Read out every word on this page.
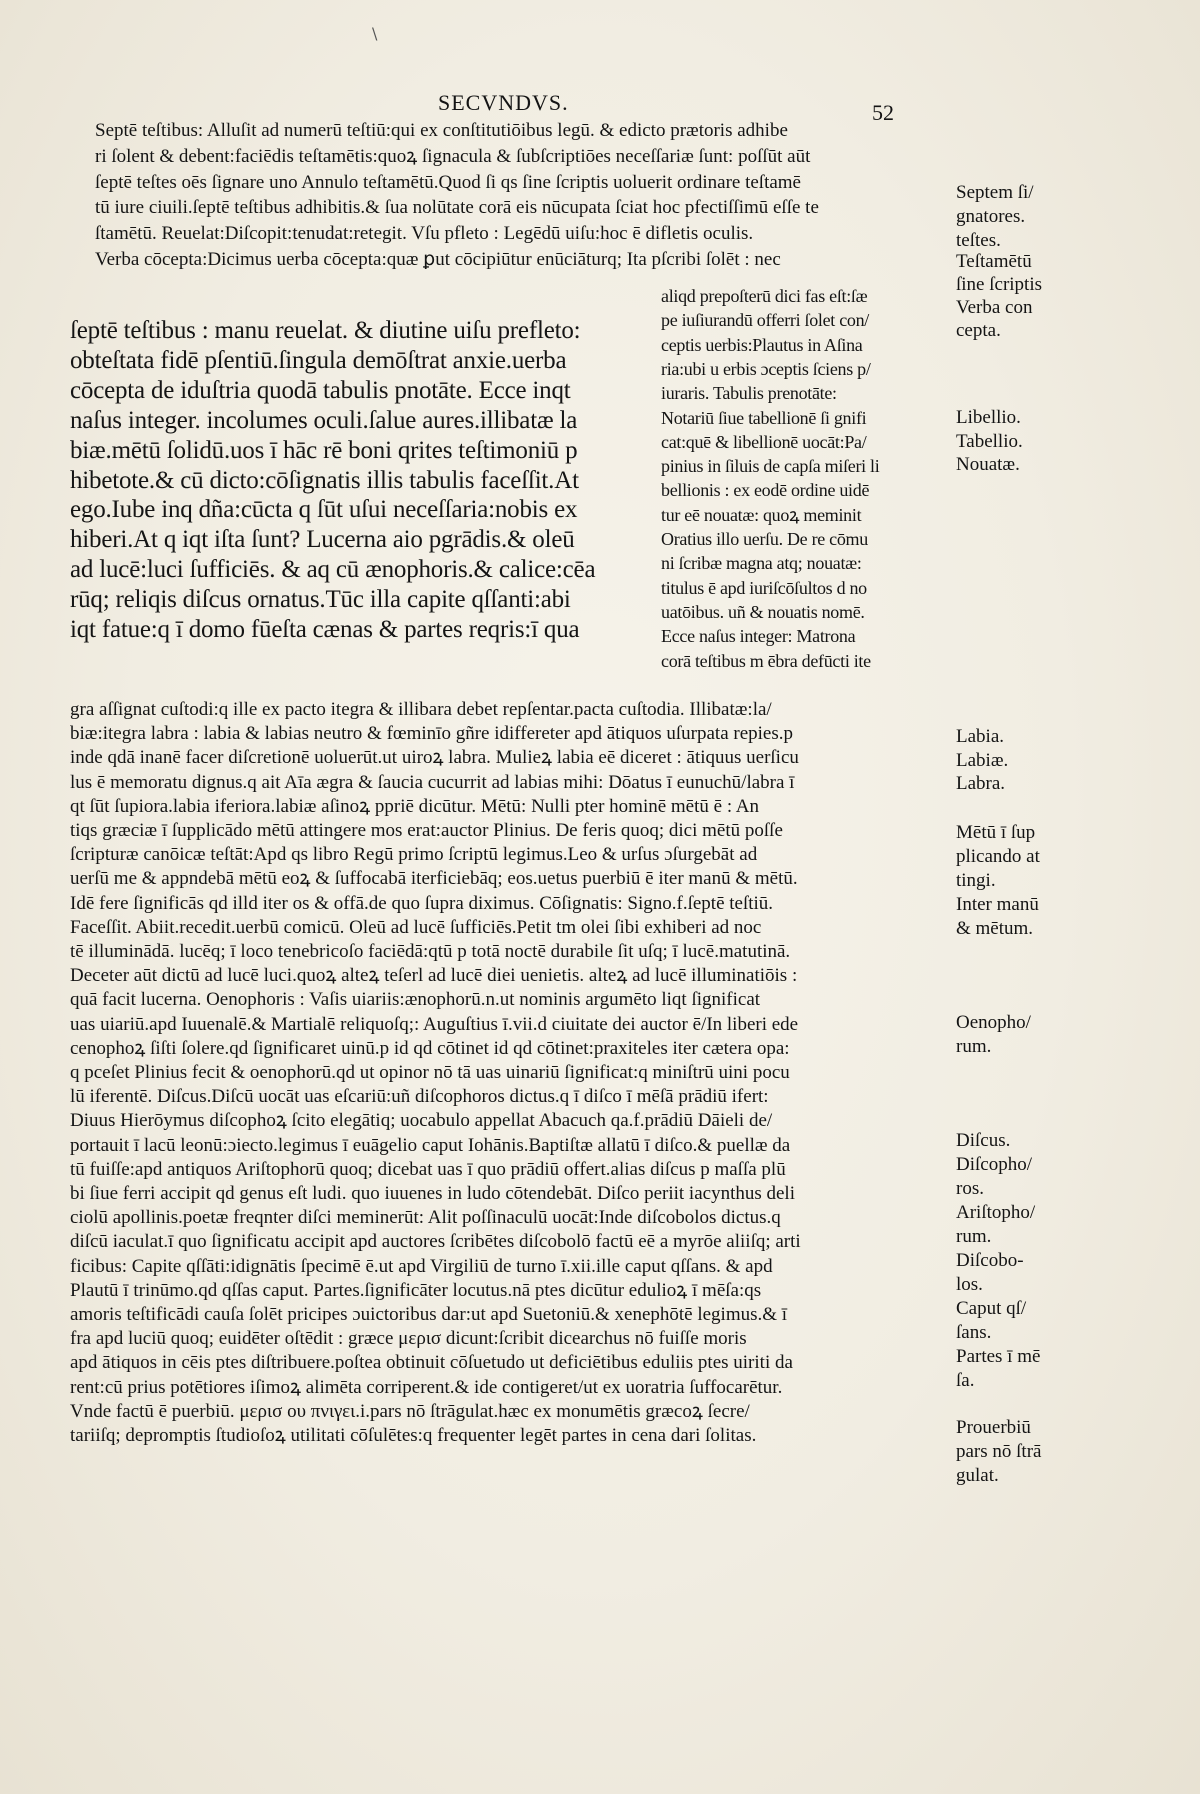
\
SECVNDVS.	52
Septē teſtibus: Alluſit ad numerū teſtiū:qui ex conſtitutiōibus legū. & edicto prætoris adhibe
ri ſolent & debent:faciēdis teſtamētis:quoꝝ ſignacula & ſubſcriptiōes neceſſariæ ſunt: poſſūt aūt
ſeptē teſtes oēs ſignare uno Annulo teſtamētū.Quod ſi qs ſine ſcriptis uoluerit ordinare teſtamē
tū iure ciuili.ſeptē teſtibus adhibitis.& ſua nolūtate corā eis nūcupata ſciat hoc pfectiſſimū eſſe te
ſtamētū. Reuelat:Diſcopit:tenudat:retegit. Vſu pfleto : Legēdū uiſu:hoc ē difletis oculis.
Verba cōcepta:Dicimus uerba cōcepta:quæ ꝑut cōcipiūtur enūciāturq; Ita pſcribi ſolēt : nec
ſeptē teſtibus : manu reuelat. & diutine uiſu prefleto:
obteſtata fidē pſentiū.ſingula demōſtrat anxie.uerba
cōcepta de iduſtria quodā tabulis pnotāte. Ecce inqt
naſus integer. incolumes oculi.ſalue aures.illibatæ la
biæ.mētū ſolidū.uos ī hāc rē boni qrites teſtimoniū p
hibetote.& cū dicto:cōſignatis illis tabulis faceſſit.At
ego.Iube inq dña:cūcta q ſūt uſui neceſſaria:nobis ex
hiberi.At q iqt iſta ſunt? Lucerna aio pgrādis.& oleū
ad lucē:luci ſufficiēs. & aq cū ænophoris.& calice:cēa
rūq; reliqis diſcus ornatus.Tūc illa capite qſſanti:abi
iqt fatue:q ī domo fūeſta cænas & partes reqris:ī qua
aliqd prepoſterū dici fas eſt:ſæ
pe iuſiurandū offerri ſolet con/
ceptis uerbis:Plautus in Aſina
ria:ubi u erbis ɔceptis ſciens p/
iuraris. Tabulis prenotāte:
Notariū ſiue tabellionē ſi gnifi
cat:quē & libellionē uocāt:Pa/
pinius in ſiluis de capſa miſeri li
bellionis : ex eodē ordine uidē
tur eē nouatæ: quoꝝ meminit
Oratius illo uerſu. De re cōmu
ni ſcribæ magna atq; nouatæ:
titulus ē apd iuriſcōſultos d no
uatōibus. uñ & nouatis nomē.
Ecce naſus integer: Matrona
corā teſtibus m ēbra defūcti ite
gra aſſignat cuſtodi:q ille ex pacto itegra & illibara debet repſentar.pacta cuſtodia. Illibatæ:la/
biæ:itegra labra : labia & labias neutro & fœminīo gñre idiffereter apd ātiquos uſurpata repies.p
inde qdā inanē facer diſcretionē uoluerūt.ut uiroꝝ labra. Mulieꝝ labia eē diceret : ātiquus uerſicu
lus ē memoratu dignus.q ait Aīa ægra & ſaucia cucurrit ad labias mihi: Dōatus ī eunuchū/labra ī
qt ſūt ſupiora.labia iferiora.labiæ aſinoꝝ ppriē dicūtur. Mētū: Nulli pter hominē mētū ē : An
tiqs græciæ ī ſupplicādo mētū attingere mos erat:auctor Plinius. De feris quoq; dici mētū poſſe
ſcripturæ canōicæ teſtāt:Apd qs libro Regū primo ſcriptū legimus.Leo & urſus ɔſurgebāt ad
uerſū me & appndebā mētū eoꝝ & ſuffocabā iterficiebāq; eos.uetus puerbiū ē iter manū & mētū.
Idē fere ſignificās qd illd iter os & offā.de quo ſupra diximus. Cōſignatis: Signo.f.ſeptē teſtiū.
Faceſſit. Abiit.recedit.uerbū comicū. Oleū ad lucē ſufficiēs.Petit tm olei ſibi exhiberi ad noc
tē illuminādā. lucēq; ī loco tenebricoſo faciēdā:qtū p totā noctē durabile ſit uſq; ī lucē.matutinā.
Deceter aūt dictū ad lucē luci.quoꝝ alteꝝ teſerl ad lucē diei uenietis. alteꝝ ad lucē illuminatiōis :
quā facit lucerna. Oenophoris : Vaſis uiariis:ænophorū.n.ut nominis argumēto liqt ſignificat
uas uiariū.apd Iuuenalē.& Martialē reliquoſq;: Auguſtius ī.vii.d ciuitate dei auctor ē/In liberi ede
cenophoꝝ ſiſti ſolere.qd ſignificaret uinū.p id qd cōtinet id qd cōtinet:praxiteles iter cætera opa:
q pceſet Plinius fecit & oenophorū.qd ut opinor nō tā uas uinariū ſignificat:q miniſtrū uini pocu
lū iferentē. Diſcus.Diſcū uocāt uas eſcariū:uñ diſcophoros dictus.q ī diſco ī mēſā prādiū ifert:
Diuus Hierōymus diſcophoꝝ ſcito elegātiq; uocabulo appellat Abacuch qa.f.prādiū Dāieli de/
portauit ī lacū leonū:ɔiecto.legimus ī euāgelio caput Iohānis.Baptiſtæ allatū ī diſco.& puellæ da
tū fuiſſe:apd antiquos Ariſtophorū quoq; dicebat uas ī quo prādiū offert.alias diſcus p maſſa plū
bi ſiue ferri accipit qd genus eſt ludi. quo iuuenes in ludo cōtendebāt. Diſco periit iacynthus deli
ciolū apollinis.poetæ freqnter diſci meminerūt: Alit poſſinaculū uocāt:Inde diſcobolos dictus.q
diſcū iaculat.ī quo ſignificatu accipit apd auctores ſcribētes diſcobolō factū eē a myrōe aliiſq; arti
ficibus: Capite qſſāti:idignātis ſpecimē ē.ut apd Virgiliū de turno ī.xii.ille caput qſſans. & apd
Plautū ī trinūmo.qd qſſas caput. Partes.ſignificāter locutus.nā ptes dicūtur edulioꝝ ī mēſa:qs
amoris teſtificādi cauſa ſolēt pricipes ɔuictoribus dar:ut apd Suetoniū.& xenephōtē legimus.& ī
fra apd luciū quoq; euidēter oſtēdit : græce μερισ dicunt:ſcribit dicearchus nō fuiſſe moris
apd ātiquos in cēis ptes diſtribuere.poſtea obtinuit cōſuetudo ut deficiētibus eduliis ptes uiriti da
rent:cū prius potētiores iſimoꝝ alimēta corriperent.& ide contigeret/ut ex uoratria ſuffocarētur.
Vnde factū ē puerbiū. μερισ ου πνιγει.i.pars nō ſtrāgulat.hæc ex monumētis græcoꝝ ſecre/
tariiſq; depromptis ſtudioſoꝝ utilitati cōſulētes:q frequenter legēt partes in cena dari ſolitas.
Septem ſi/
gnatores.
teſtes.
Teſtamētū
ſine ſcriptis
Verba con
cepta.
Libellio.
Tabellio.
Nouatæ.
Labia.
Labiæ.
Labra.
Mētū ī ſup
plicando at
tingi.
Inter manū
& mētum.
Oenopho/
rum.
Diſcus.
Diſcopho/
ros.
Ariſtopho/
rum.
Diſcobo-
los.
Caput qſ/
ſans.
Partes ī mē
ſa.
Prouerbiū
pars nō ſtrā
gulat.
